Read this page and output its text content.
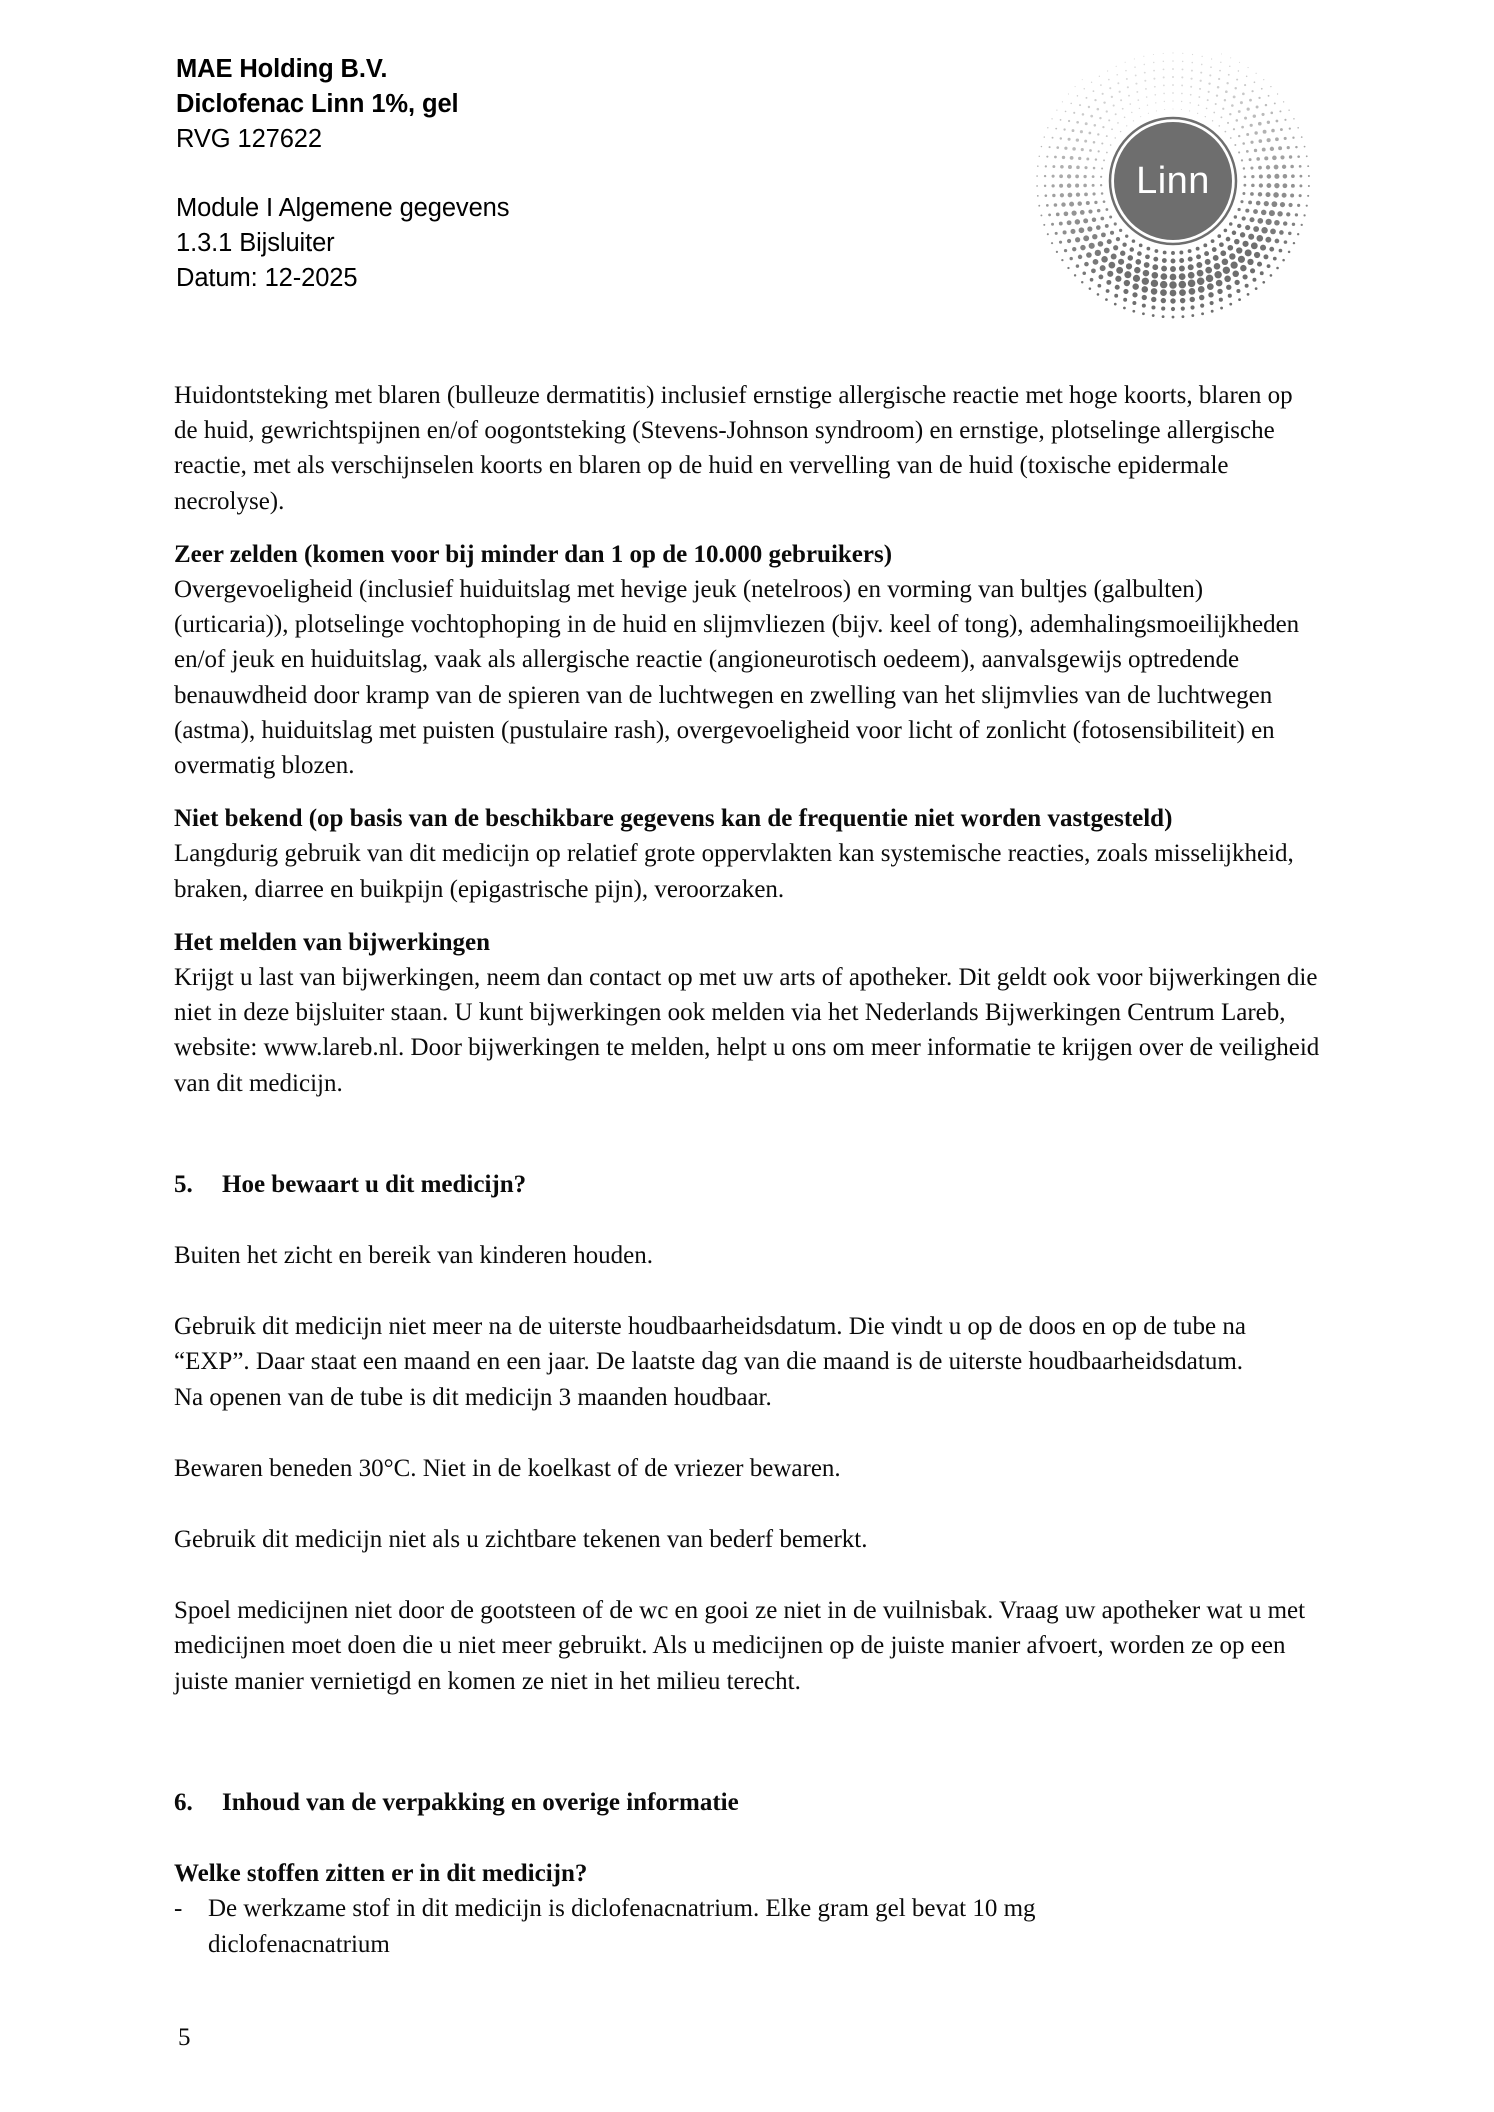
MAE Holding B.V.
Diclofenac Linn 1%, gel
RVG 127622
Module I Algemene gegevens
1.3.1 Bijsluiter
Datum: 12-2025
Linn

Huidontsteking met blaren (bulleuze dermatitis) inclusief ernstige allergische reactie met hoge koorts, blaren op de huid, gewrichtspijnen en/of oogontsteking (Stevens-Johnson syndroom) en ernstige, plotselinge allergische reactie, met als verschijnselen koorts en blaren op de huid en vervelling van de huid (toxische epidermale necrolyse).

Zeer zelden (komen voor bij minder dan 1 op de 10.000 gebruikers)

Overgevoeligheid (inclusief huiduitslag met hevige jeuk (netelroos) en vorming van bultjes (galbulten) (urticaria)), plotselinge vochtophoping in de huid en slijmvliezen (bijv. keel of tong), ademhalingsmoeilijkheden en/of jeuk en huiduitslag, vaak als allergische reactie (angioneurotisch oedeem), aanvalsgewijs optredende benauwdheid door kramp van de spieren van de luchtwegen en zwelling van het slijmvlies van de luchtwegen (astma), huiduitslag met puisten (pustulaire rash), overgevoeligheid voor licht of zonlicht (fotosensibiliteit) en overmatig blozen.

Niet bekend (op basis van de beschikbare gegevens kan de frequentie niet worden vastgesteld)

Langdurig gebruik van dit medicijn op relatief grote oppervlakten kan systemische reacties, zoals misselijkheid, braken, diarree en buikpijn (epigastrische pijn), veroorzaken.

Het melden van bijwerkingen

Krijgt u last van bijwerkingen, neem dan contact op met uw arts of apotheker. Dit geldt ook voor bijwerkingen die niet in deze bijsluiter staan. U kunt bijwerkingen ook melden via het Nederlands Bijwerkingen Centrum Lareb, website: www.lareb.nl. Door bijwerkingen te melden, helpt u ons om meer informatie te krijgen over de veiligheid van dit medicijn.

5.	Hoe bewaart u dit medicijn?

Buiten het zicht en bereik van kinderen houden.

Gebruik dit medicijn niet meer na de uiterste houdbaarheidsdatum. Die vindt u op de doos en op de tube na “EXP”. Daar staat een maand en een jaar. De laatste dag van die maand is de uiterste houdbaarheidsdatum.

Na openen van de tube is dit medicijn 3 maanden houdbaar.

Bewaren beneden 30°C. Niet in de koelkast of de vriezer bewaren.

Gebruik dit medicijn niet als u zichtbare tekenen van bederf bemerkt.

Spoel medicijnen niet door de gootsteen of de wc en gooi ze niet in de vuilnisbak. Vraag uw apotheker wat u met medicijnen moet doen die u niet meer gebruikt. Als u medicijnen op de juiste manier afvoert, worden ze op een juiste manier vernietigd en komen ze niet in het milieu terecht.

6.	Inhoud van de verpakking en overige informatie

Welke stoffen zitten er in dit medicijn?

-	De werkzame stof in dit medicijn is diclofenacnatrium. Elke gram gel bevat 10 mg diclofenacnatrium
5
